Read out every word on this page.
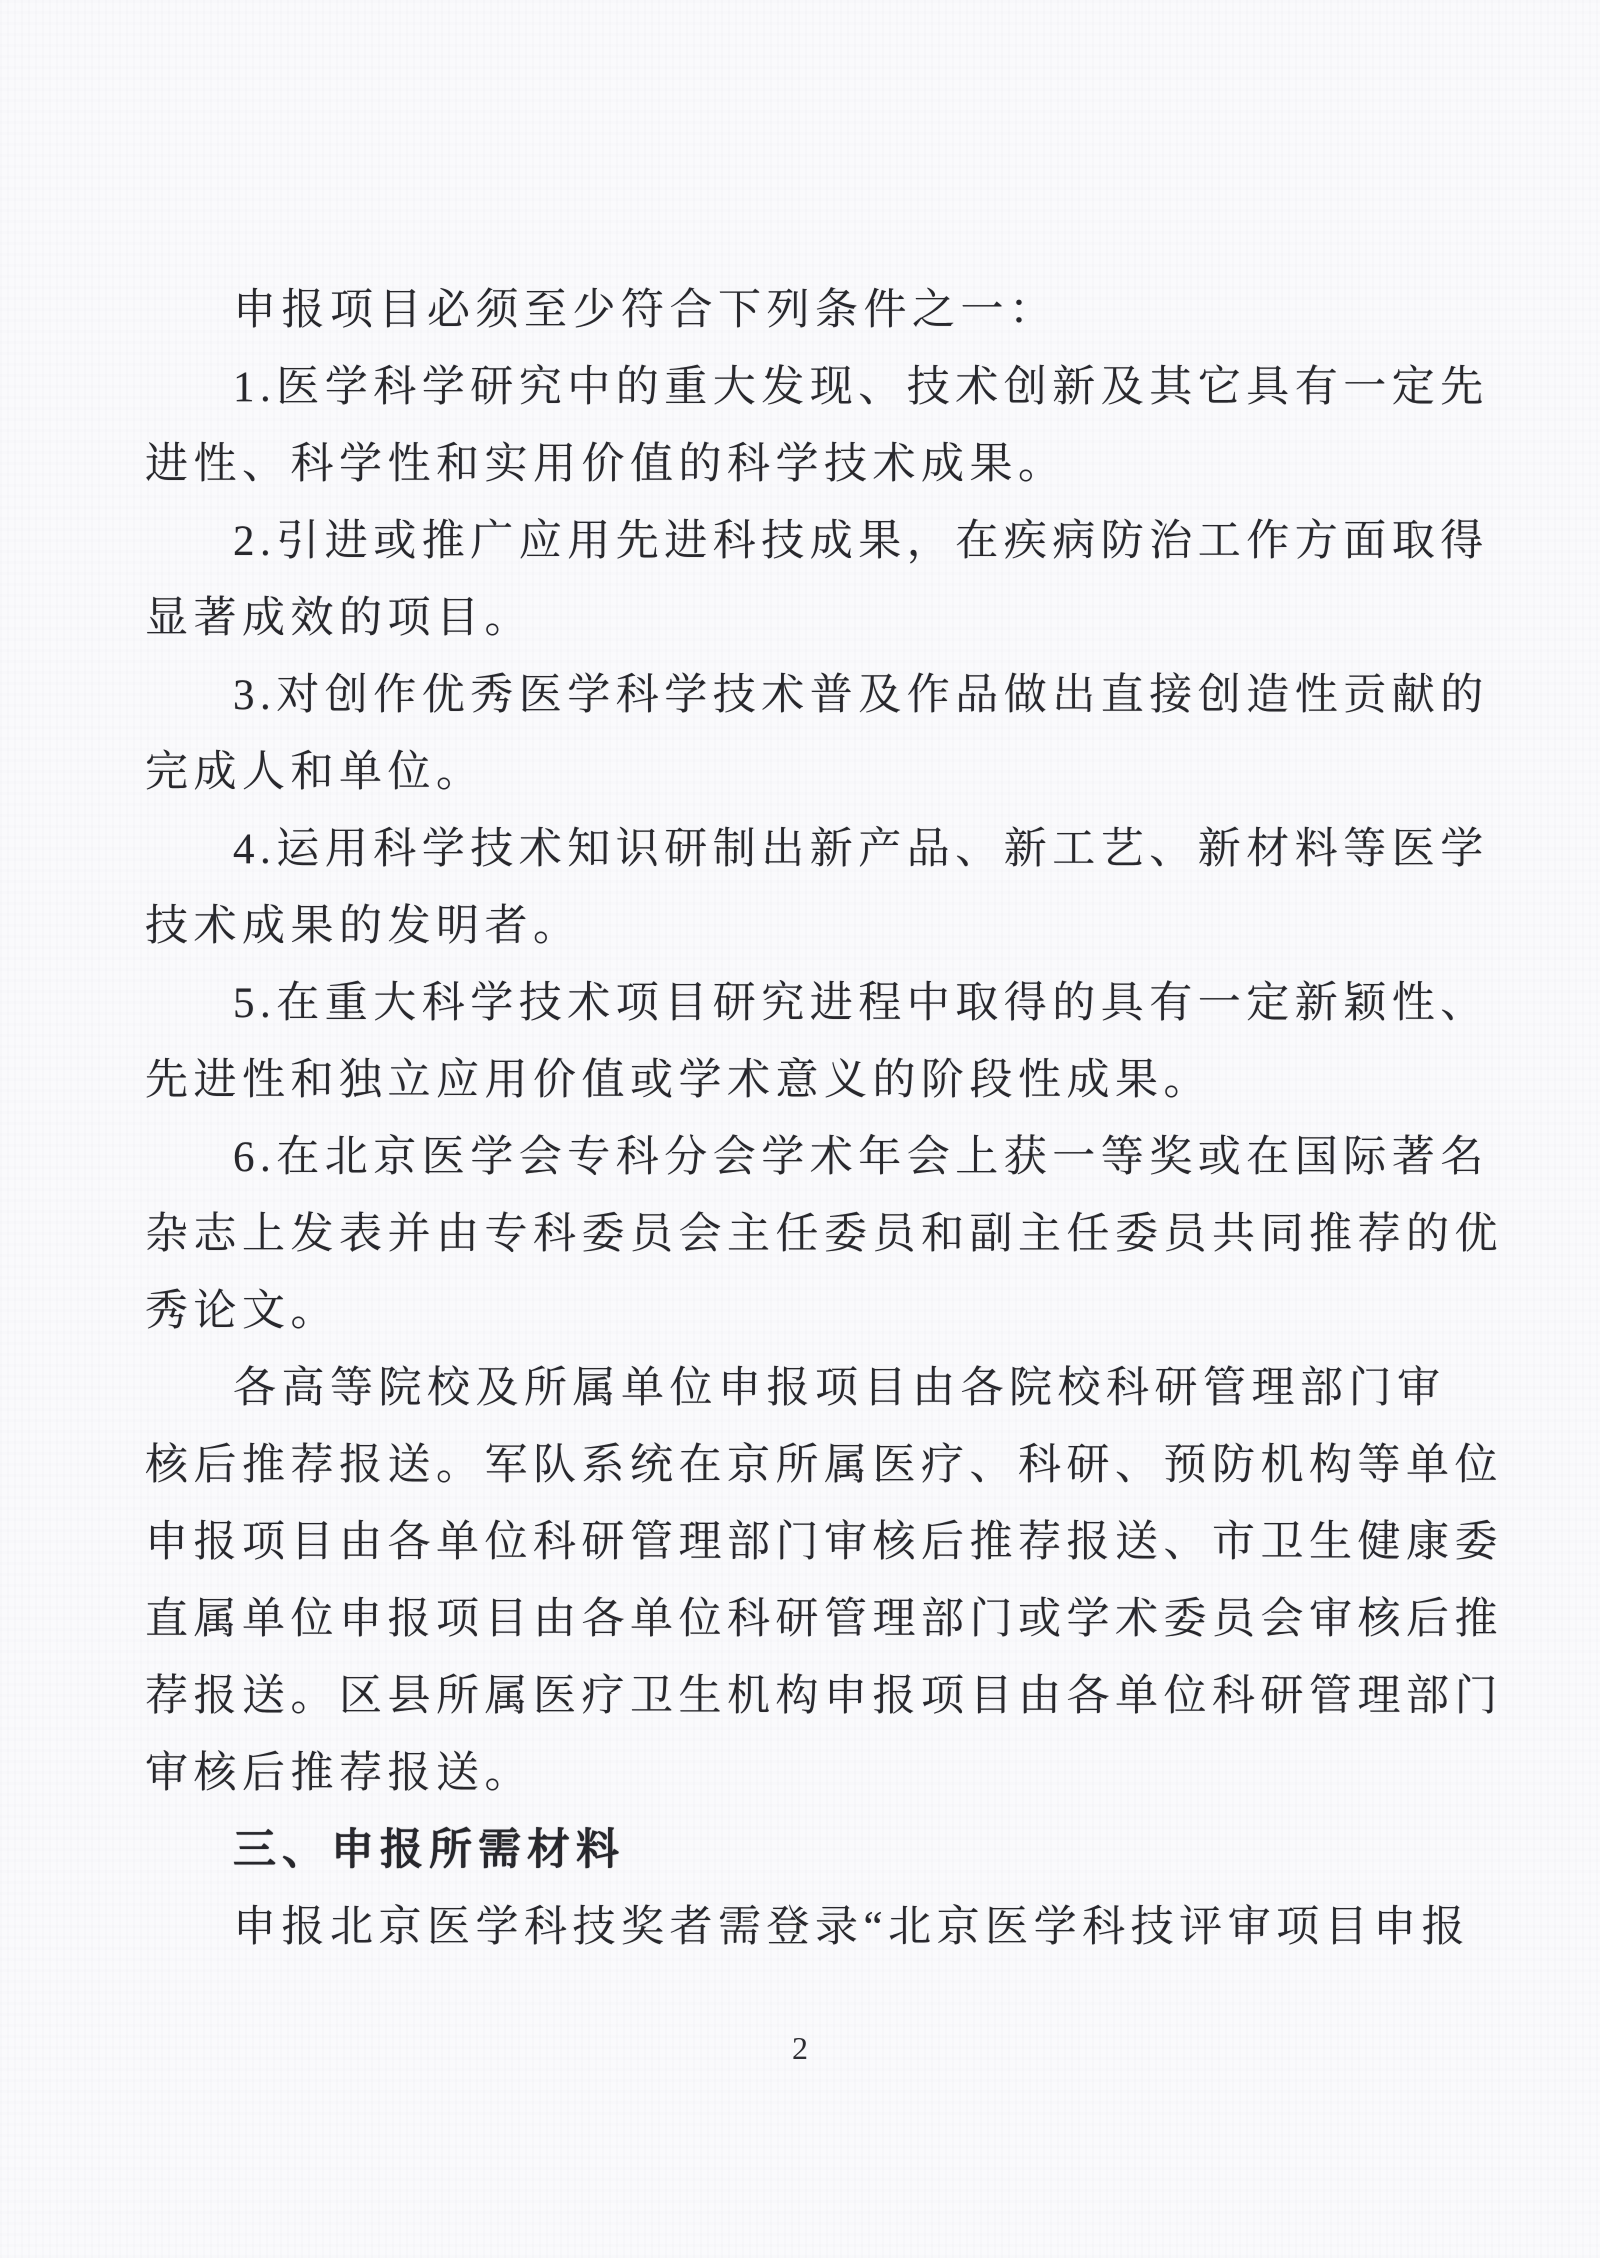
申报项目必须至少符合下列条件之一：
1.医学科学研究中的重大发现、技术创新及其它具有一定先
进性、科学性和实用价值的科学技术成果。
2.引进或推广应用先进科技成果，在疾病防治工作方面取得
显著成效的项目。
3.对创作优秀医学科学技术普及作品做出直接创造性贡献的
完成人和单位。
4.运用科学技术知识研制出新产品、新工艺、新材料等医学
技术成果的发明者。
5.在重大科学技术项目研究进程中取得的具有一定新颖性、
先进性和独立应用价值或学术意义的阶段性成果。
6.在北京医学会专科分会学术年会上获一等奖或在国际著名
杂志上发表并由专科委员会主任委员和副主任委员共同推荐的优
秀论文。
各高等院校及所属单位申报项目由各院校科研管理部门审
核后推荐报送。军队系统在京所属医疗、科研、预防机构等单位
申报项目由各单位科研管理部门审核后推荐报送、市卫生健康委
直属单位申报项目由各单位科研管理部门或学术委员会审核后推
荐报送。区县所属医疗卫生机构申报项目由各单位科研管理部门
审核后推荐报送。
三、申报所需材料
申报北京医学科技奖者需登录“北京医学科技评审项目申报
2
